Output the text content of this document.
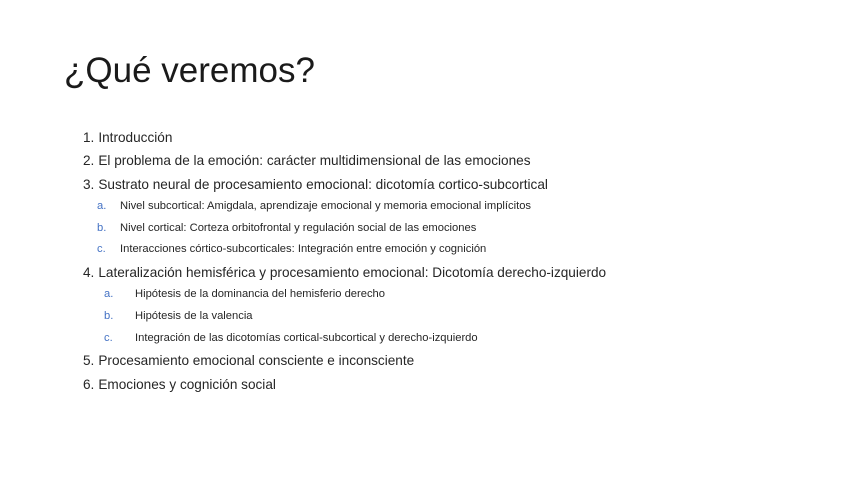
¿Qué veremos?
1. Introducción
2. El problema de la emoción: carácter multidimensional de las emociones
3. Sustrato neural de procesamiento emocional: dicotomía cortico-subcortical
a. Nivel subcortical: Amigdala, aprendizaje emocional y memoria emocional implícitos
b. Nivel cortical: Corteza orbitofrontal y regulación social de las emociones
c. Interacciones córtico-subcorticales: Integración entre emoción y cognición
4. Lateralización hemisférica y procesamiento emocional: Dicotomía derecho-izquierdo
a. Hipótesis de la dominancia del hemisferio derecho
b. Hipótesis de la valencia
c. Integración de las dicotomías cortical-subcortical y derecho-izquierdo
5. Procesamiento emocional consciente e inconsciente
6. Emociones y cognición social
